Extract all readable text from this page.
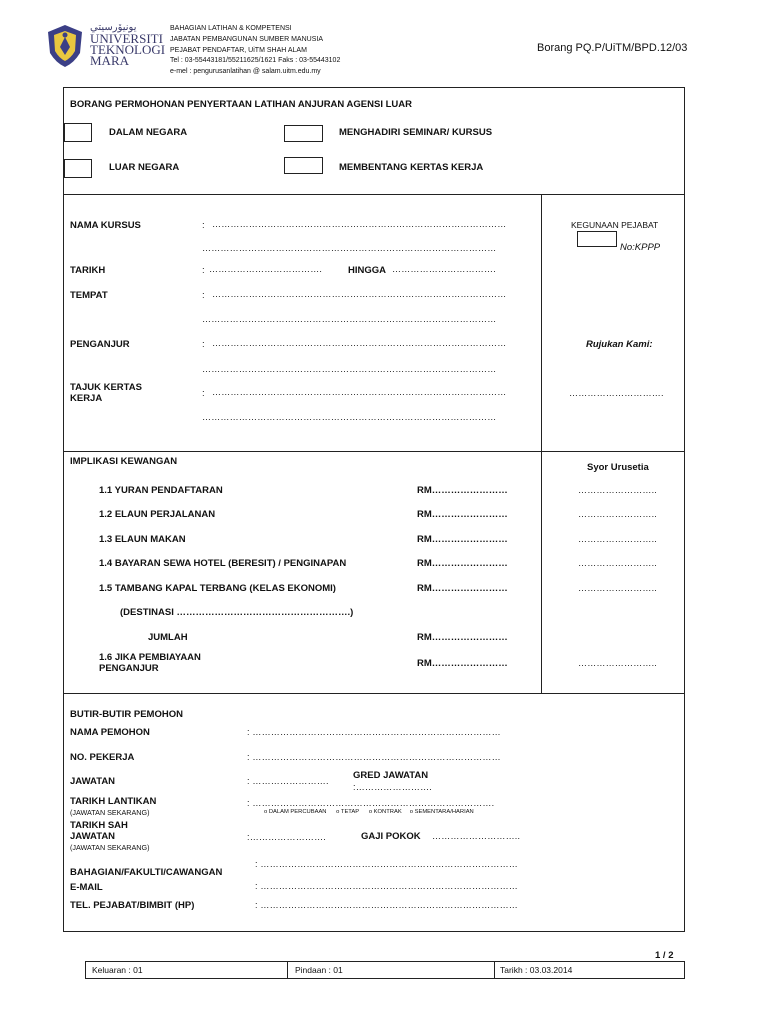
ﯾﻮﻧﯿﯚرﺳﯿﺘﻲ
UNIVERSITI
TEKNOLOGI
MARA
BAHAGIAN LATIHAN & KOMPETENSI
JABATAN PEMBANGUNAN SUMBER MANUSIA
PEJABAT PENDAFTAR, UiTM SHAH ALAM
Tel : 03-55443181/55211625/1621 Faks : 03-55443102
e-mel : pengurusanlatihan @ salam.uitm.edu.my
Borang PQ.P/UiTM/BPD.12/03
BORANG PERMOHONAN PENYERTAAN LATIHAN ANJURAN AGENSI LUAR
DALAM NEGARA	MENGHADIRI SEMINAR/ KURSUS
LUAR NEGARA	MEMBENTANG KERTAS KERJA
NAMA KURSUS	: ……………………………………………………………………………………
……………………………………………………………………………………
TARIKH	: ……………………………….	HINGGA …………………………….
TEMPAT	: ……………………………………………………………………………………
……………………………………………………………………………………
PENGANJUR	: ……………………………………………………………………………………
……………………………………………………………………………………
TAJUK KERTAS
KERJA	: ……………………………………………………………………………………
……………………………………………………………………………………
KEGUNAAN PEJABAT
No:KPPP
Rujukan Kami:
………………………….
IMPLIKASI KEWANGAN
Syor Urusetia
1.1 YURAN PENDAFTARAN	RM……………………	……………………..
1.2 ELAUN PERJALANAN	RM……………………	……………………..
1.3 ELAUN MAKAN	RM……………………	……………………..
1.4 BAYARAN SEWA HOTEL (BERESIT) / PENGINAPAN	RM……………………	……………………..
1.5 TAMBANG KAPAL TERBANG (KELAS EKONOMI)	RM……………………	……………………..
(DESTINASI ……………………………………………….)
JUMLAH	RM……………………
1.6 JIKA PEMBIAYAAN
PENGANJUR	RM……………………	……………………..
BUTIR-BUTIR PEMOHON
NAMA PEMOHON	: ………………………………………………………………………
NO. PEKERJA	: ………………………………………………………………………
JAWATAN	: …………………….	GRED JAWATAN
:…………………….
TARIKH LANTIKAN
(JAWATAN SEKARANG)
: …………………………………………………………………….
o DALAM PERCUBAAN o TETAP o KONTRAK o SEMENTARA/HARIAN
TARIKH SAH
JAWATAN
(JAWATAN SEKARANG)
:…………………….	GAJI POKOK ………………………..
BAHAGIAN/FAKULTI/CAWANGAN
: …………………………………………………………………………
E-MAIL	: …………………………………………………………………………
TEL. PEJABAT/BIMBIT (HP)	: …………………………………………………………………………
1 / 2
Keluaran : 01	Pindaan : 01	Tarikh : 03.03.2014
